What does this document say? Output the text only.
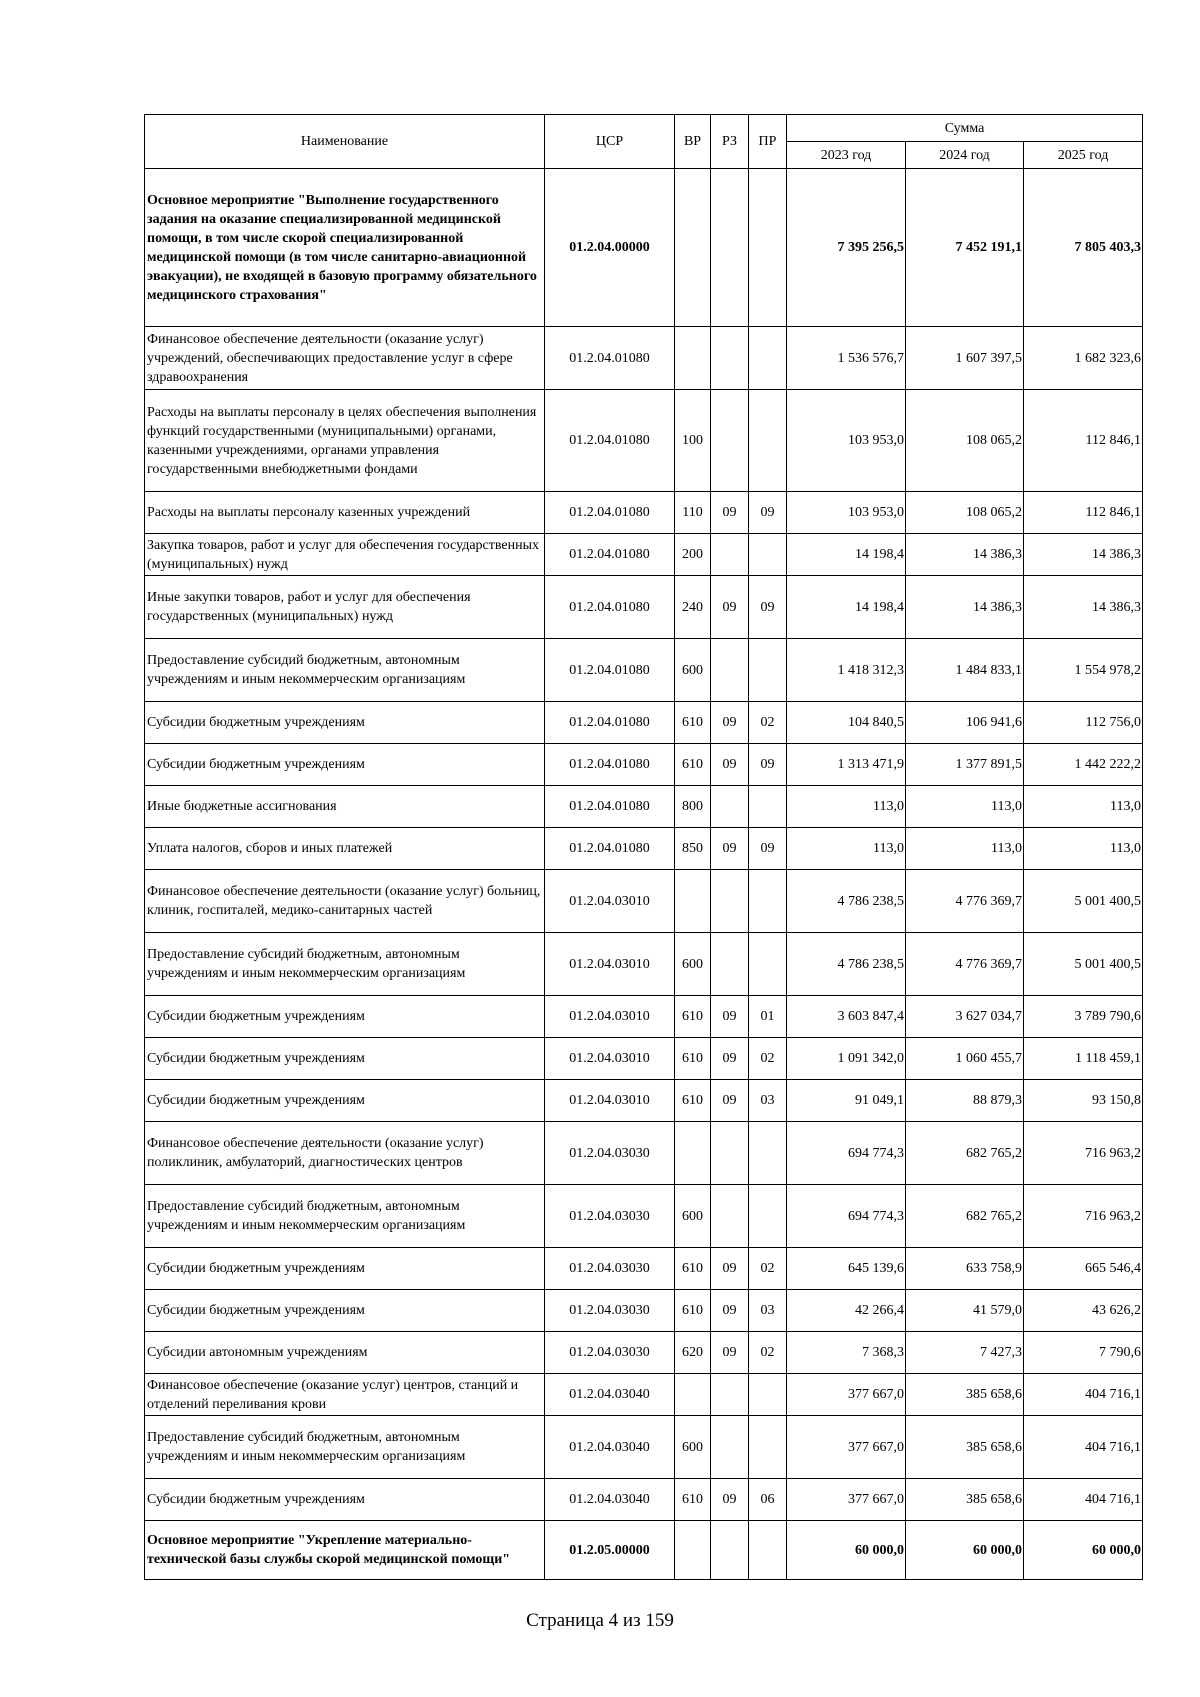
Наименование	ЦСР	ВР	РЗ	ПР	Сумма		
					2023 год	2024 год	2025 год
Основное мероприятие "Выполнение государственного задания на оказание специализированной медицинской помощи, в том числе скорой специализированной медицинской помощи (в том числе санитарно-авиационной эвакуации), не входящей в базовую программу обязательного медицинского страхования"	01.2.04.00000				7 395 256,5	7 452 191,1	7 805 403,3
Финансовое обеспечение деятельности (оказание услуг) учреждений, обеспечивающих предоставление услуг в сфере здравоохранения	01.2.04.01080				1 536 576,7	1 607 397,5	1 682 323,6
Расходы на выплаты персоналу в целях обеспечения выполнения функций государственными (муниципальными) органами, казенными учреждениями, органами управления государственными внебюджетными фондами	01.2.04.01080	100			103 953,0	108 065,2	112 846,1
Расходы на выплаты персоналу казенных учреждений	01.2.04.01080	110	09	09	103 953,0	108 065,2	112 846,1
Закупка товаров, работ и услуг для обеспечения государственных (муниципальных) нужд	01.2.04.01080	200			14 198,4	14 386,3	14 386,3
Иные закупки товаров, работ и услуг для обеспечения государственных (муниципальных) нужд	01.2.04.01080	240	09	09	14 198,4	14 386,3	14 386,3
Предоставление субсидий бюджетным, автономным учреждениям и иным некоммерческим организациям	01.2.04.01080	600			1 418 312,3	1 484 833,1	1 554 978,2
Субсидии бюджетным учреждениям	01.2.04.01080	610	09	02	104 840,5	106 941,6	112 756,0
Субсидии бюджетным учреждениям	01.2.04.01080	610	09	09	1 313 471,9	1 377 891,5	1 442 222,2
Иные бюджетные ассигнования	01.2.04.01080	800			113,0	113,0	113,0
Уплата налогов, сборов и иных платежей	01.2.04.01080	850	09	09	113,0	113,0	113,0
Финансовое обеспечение деятельности (оказание услуг) больниц, клиник, госпиталей, медико-санитарных частей	01.2.04.03010				4 786 238,5	4 776 369,7	5 001 400,5
Предоставление субсидий бюджетным, автономным учреждениям и иным некоммерческим организациям	01.2.04.03010	600			4 786 238,5	4 776 369,7	5 001 400,5
Субсидии бюджетным учреждениям	01.2.04.03010	610	09	01	3 603 847,4	3 627 034,7	3 789 790,6
Субсидии бюджетным учреждениям	01.2.04.03010	610	09	02	1 091 342,0	1 060 455,7	1 118 459,1
Субсидии бюджетным учреждениям	01.2.04.03010	610	09	03	91 049,1	88 879,3	93 150,8
Финансовое обеспечение деятельности (оказание услуг) поликлиник, амбулаторий, диагностических центров	01.2.04.03030				694 774,3	682 765,2	716 963,2
Предоставление субсидий бюджетным, автономным учреждениям и иным некоммерческим организациям	01.2.04.03030	600			694 774,3	682 765,2	716 963,2
Субсидии бюджетным учреждениям	01.2.04.03030	610	09	02	645 139,6	633 758,9	665 546,4
Субсидии бюджетным учреждениям	01.2.04.03030	610	09	03	42 266,4	41 579,0	43 626,2
Субсидии автономным учреждениям	01.2.04.03030	620	09	02	7 368,3	7 427,3	7 790,6
Финансовое обеспечение (оказание услуг) центров, станций и отделений переливания крови	01.2.04.03040				377 667,0	385 658,6	404 716,1
Предоставление субсидий бюджетным, автономным учреждениям и иным некоммерческим организациям	01.2.04.03040	600			377 667,0	385 658,6	404 716,1
Субсидии бюджетным учреждениям	01.2.04.03040	610	09	06	377 667,0	385 658,6	404 716,1
Основное мероприятие "Укрепление материально-технической базы службы скорой медицинской помощи"	01.2.05.00000				60 000,0	60 000,0	60 000,0
Страница 4 из 159
